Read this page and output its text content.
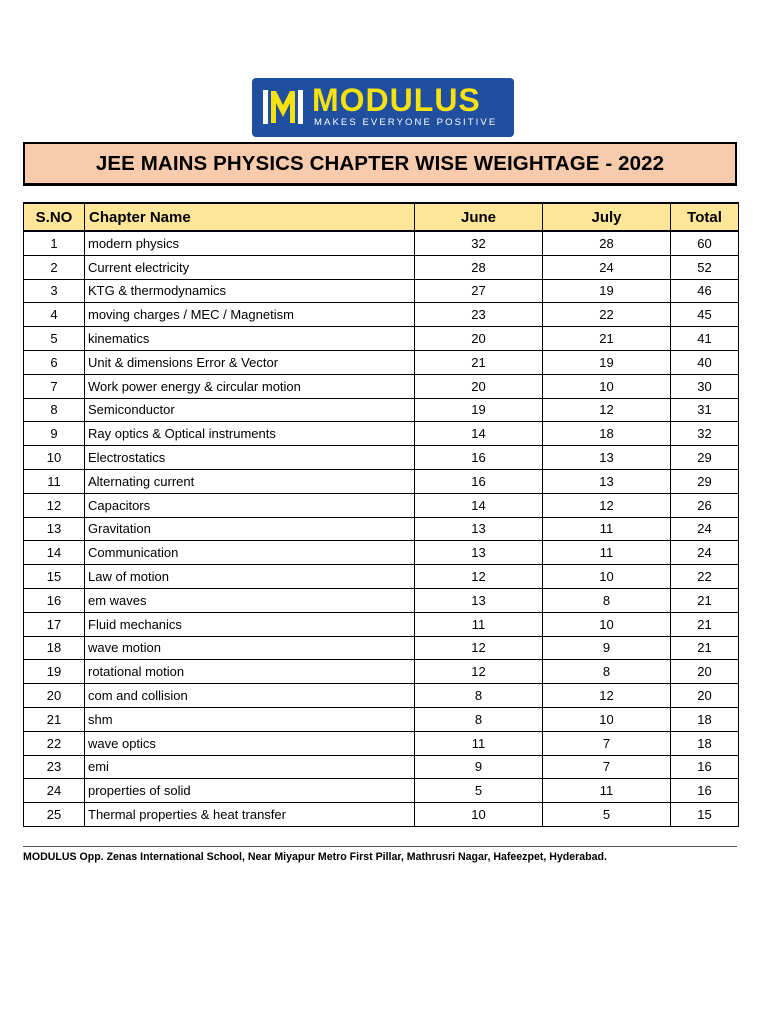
MODULUS
MAKES EVERYONE POSITIVE
JEE MAINS PHYSICS CHAPTER WISE WEIGHTAGE - 2022
S.NO	Chapter Name	June	July	Total
1	modern physics	32	28	60
2	Current electricity	28	24	52
3	KTG & thermodynamics	27	19	46
4	moving charges / MEC / Magnetism	23	22	45
5	kinematics	20	21	41
6	Unit & dimensions Error & Vector	21	19	40
7	Work power energy & circular motion	20	10	30
8	Semiconductor	19	12	31
9	Ray optics & Optical instruments	14	18	32
10	Electrostatics	16	13	29
11	Alternating current	16	13	29
12	Capacitors	14	12	26
13	Gravitation	13	11	24
14	Communication	13	11	24
15	Law of motion	12	10	22
16	em waves	13	8	21
17	Fluid mechanics	11	10	21
18	wave motion	12	9	21
19	rotational motion	12	8	20
20	com and collision	8	12	20
21	shm	8	10	18
22	wave optics	11	7	18
23	emi	9	7	16
24	properties of solid	5	11	16
25	Thermal properties & heat transfer	10	5	15
MODULUS Opp. Zenas International School, Near Miyapur Metro First Pillar, Mathrusri Nagar, Hafeezpet, Hyderabad.
